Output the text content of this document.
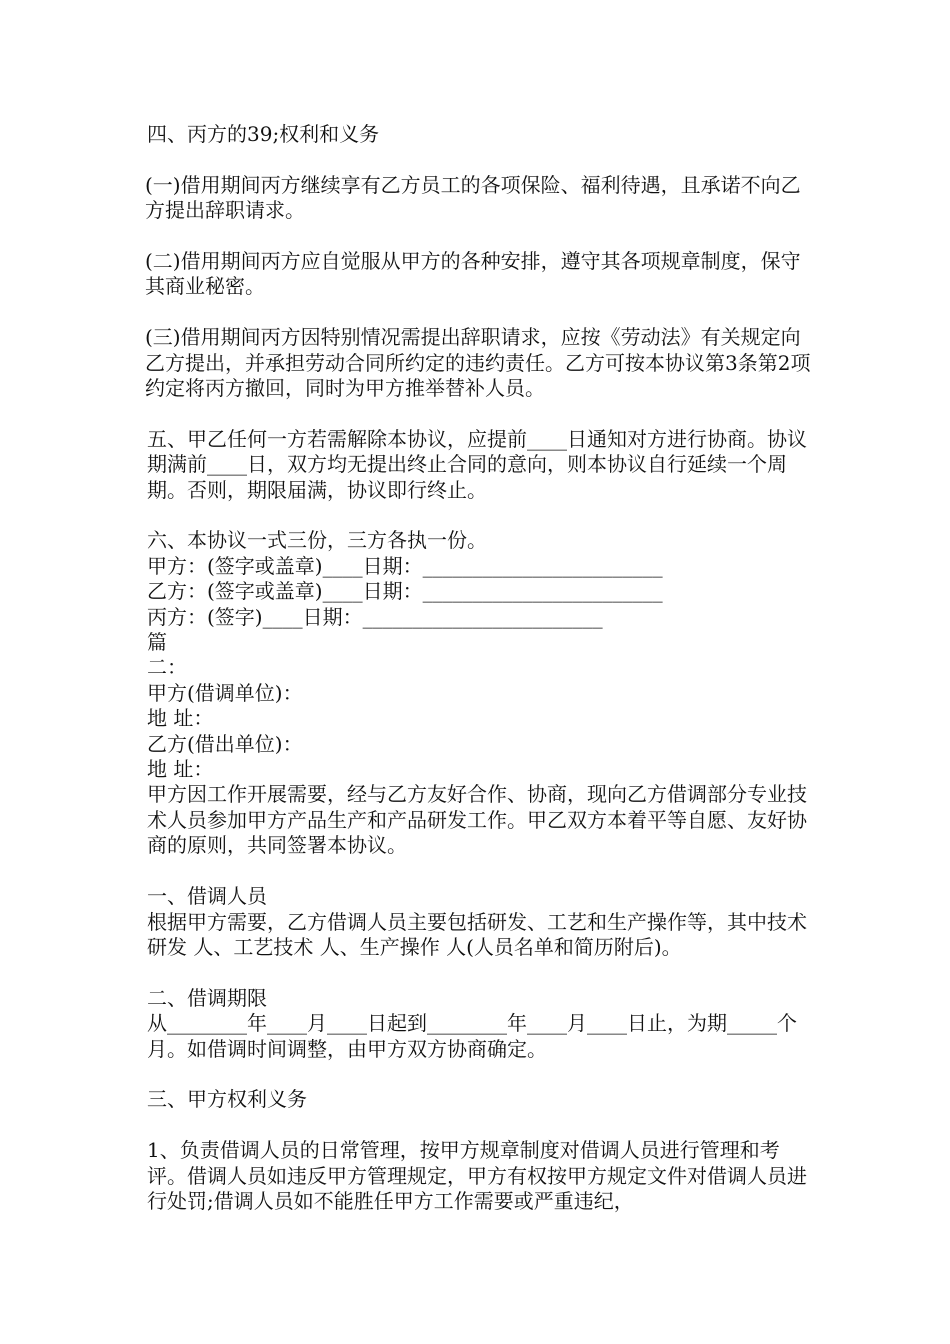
四、丙方的39;权利和义务

(一)借用期间丙方继续享有乙方员工的各项保险、福利待遇，且承诺不向乙方提出辞职请求。

(二)借用期间丙方应自觉服从甲方的各种安排，遵守其各项规章制度，保守其商业秘密。

(三)借用期间丙方因特别情况需提出辞职请求，应按《劳动法》有关规定向乙方提出，并承担劳动合同所约定的违约责任。乙方可按本协议第3条第2项约定将丙方撤回，同时为甲方推举替补人员。

五、甲乙任何一方若需解除本协议，应提前____日通知对方进行协商。协议期满前____日，双方均无提出终止合同的意向，则本协议自行延续一个周期。否则，期限届满，协议即行终止。

六、本协议一式三份，三方各执一份。

甲方：(签字或盖章)____日期：________________________

乙方：(签字或盖章)____日期：________________________

丙方：(签字)____日期：________________________

篇

二：

甲方(借调单位)：

地 址：

乙方(借出单位)：

地 址：

甲方因工作开展需要，经与乙方友好合作、协商，现向乙方借调部分专业技术人员参加甲方产品生产和产品研发工作。甲乙双方本着平等自愿、友好协商的原则，共同签署本协议。

一、借调人员

根据甲方需要，乙方借调人员主要包括研发、工艺和生产操作等，其中技术研发 人、工艺技术 人、生产操作 人(人员名单和简历附后)。

二、借调期限

从________年____月____日起到________年____月____日止，为期_____个月。如借调时间调整，由甲方双方协商确定。

三、甲方权利义务

1、负责借调人员的日常管理，按甲方规章制度对借调人员进行管理和考评。借调人员如违反甲方管理规定，甲方有权按甲方规定文件对借调人员进行处罚;借调人员如不能胜任甲方工作需要或严重违纪，
